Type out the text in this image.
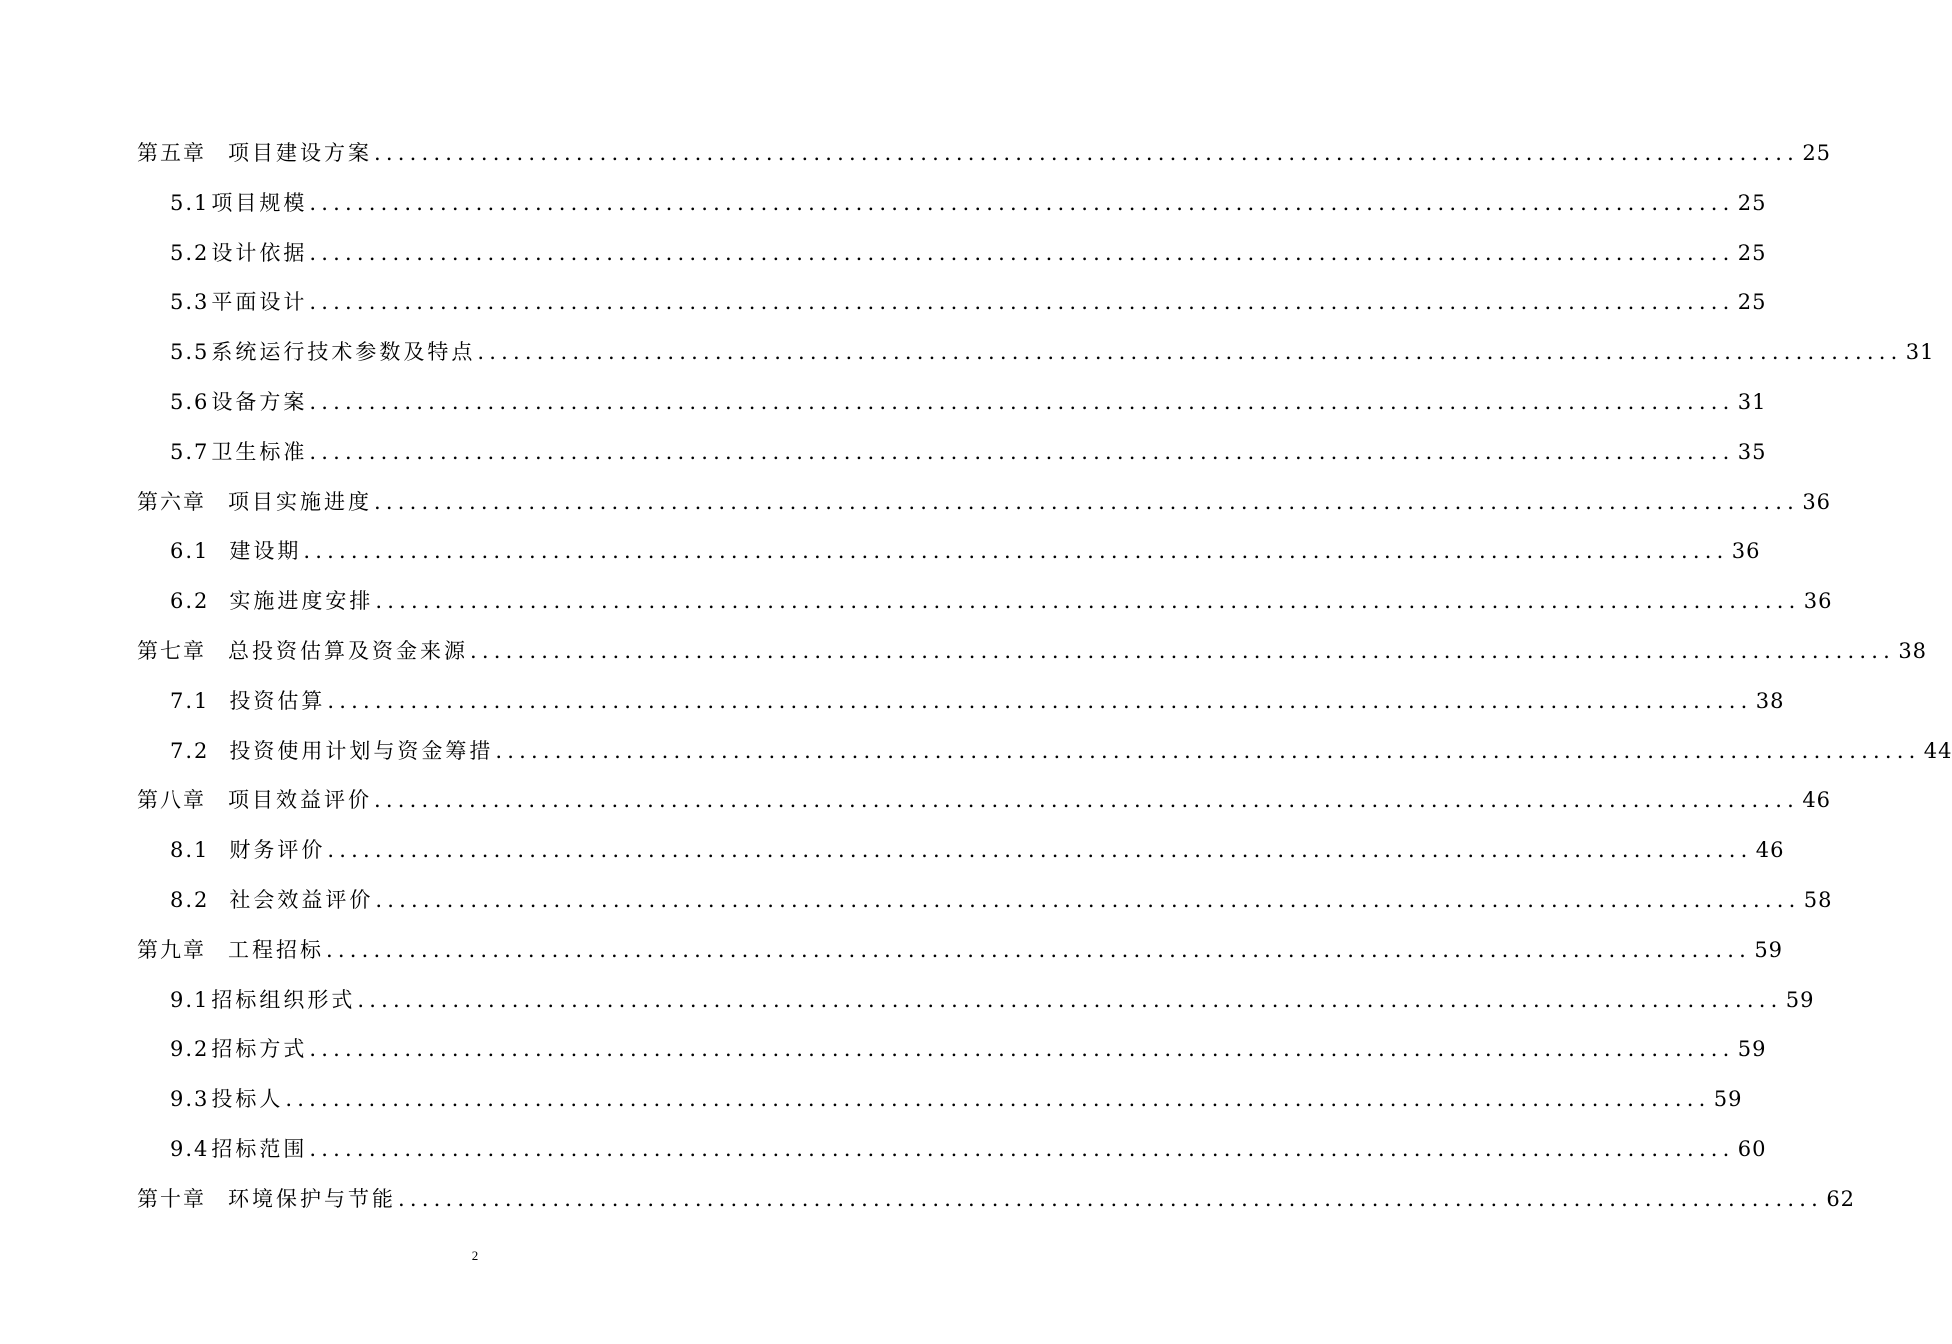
第五章 项目建设方案 ........................................................................................................................ 25
5.1项目规模 ........................................................................................................................ 25
5.2设计依据 ........................................................................................................................ 25
5.3平面设计 ........................................................................................................................ 25
5.5系统运行技术参数及特点 ........................................................................................................................ 31
5.6设备方案 ........................................................................................................................ 31
5.7卫生标准 ........................................................................................................................ 35
第六章 项目实施进度 ........................................................................................................................ 36
6.1 建设期 ........................................................................................................................ 36
6.2 实施进度安排 ........................................................................................................................ 36
第七章 总投资估算及资金来源 ........................................................................................................................ 38
7.1 投资估算 ........................................................................................................................ 38
7.2 投资使用计划与资金筹措 ........................................................................................................................ 44
第八章 项目效益评价 ........................................................................................................................ 46
8.1 财务评价 ........................................................................................................................ 46
8.2 社会效益评价 ........................................................................................................................ 58
第九章 工程招标 ........................................................................................................................ 59
9.1招标组织形式 ........................................................................................................................ 59
9.2招标方式 ........................................................................................................................ 59
9.3投标人 ........................................................................................................................ 59
9.4招标范围 ........................................................................................................................ 60
第十章 环境保护与节能 ........................................................................................................................ 62
2
